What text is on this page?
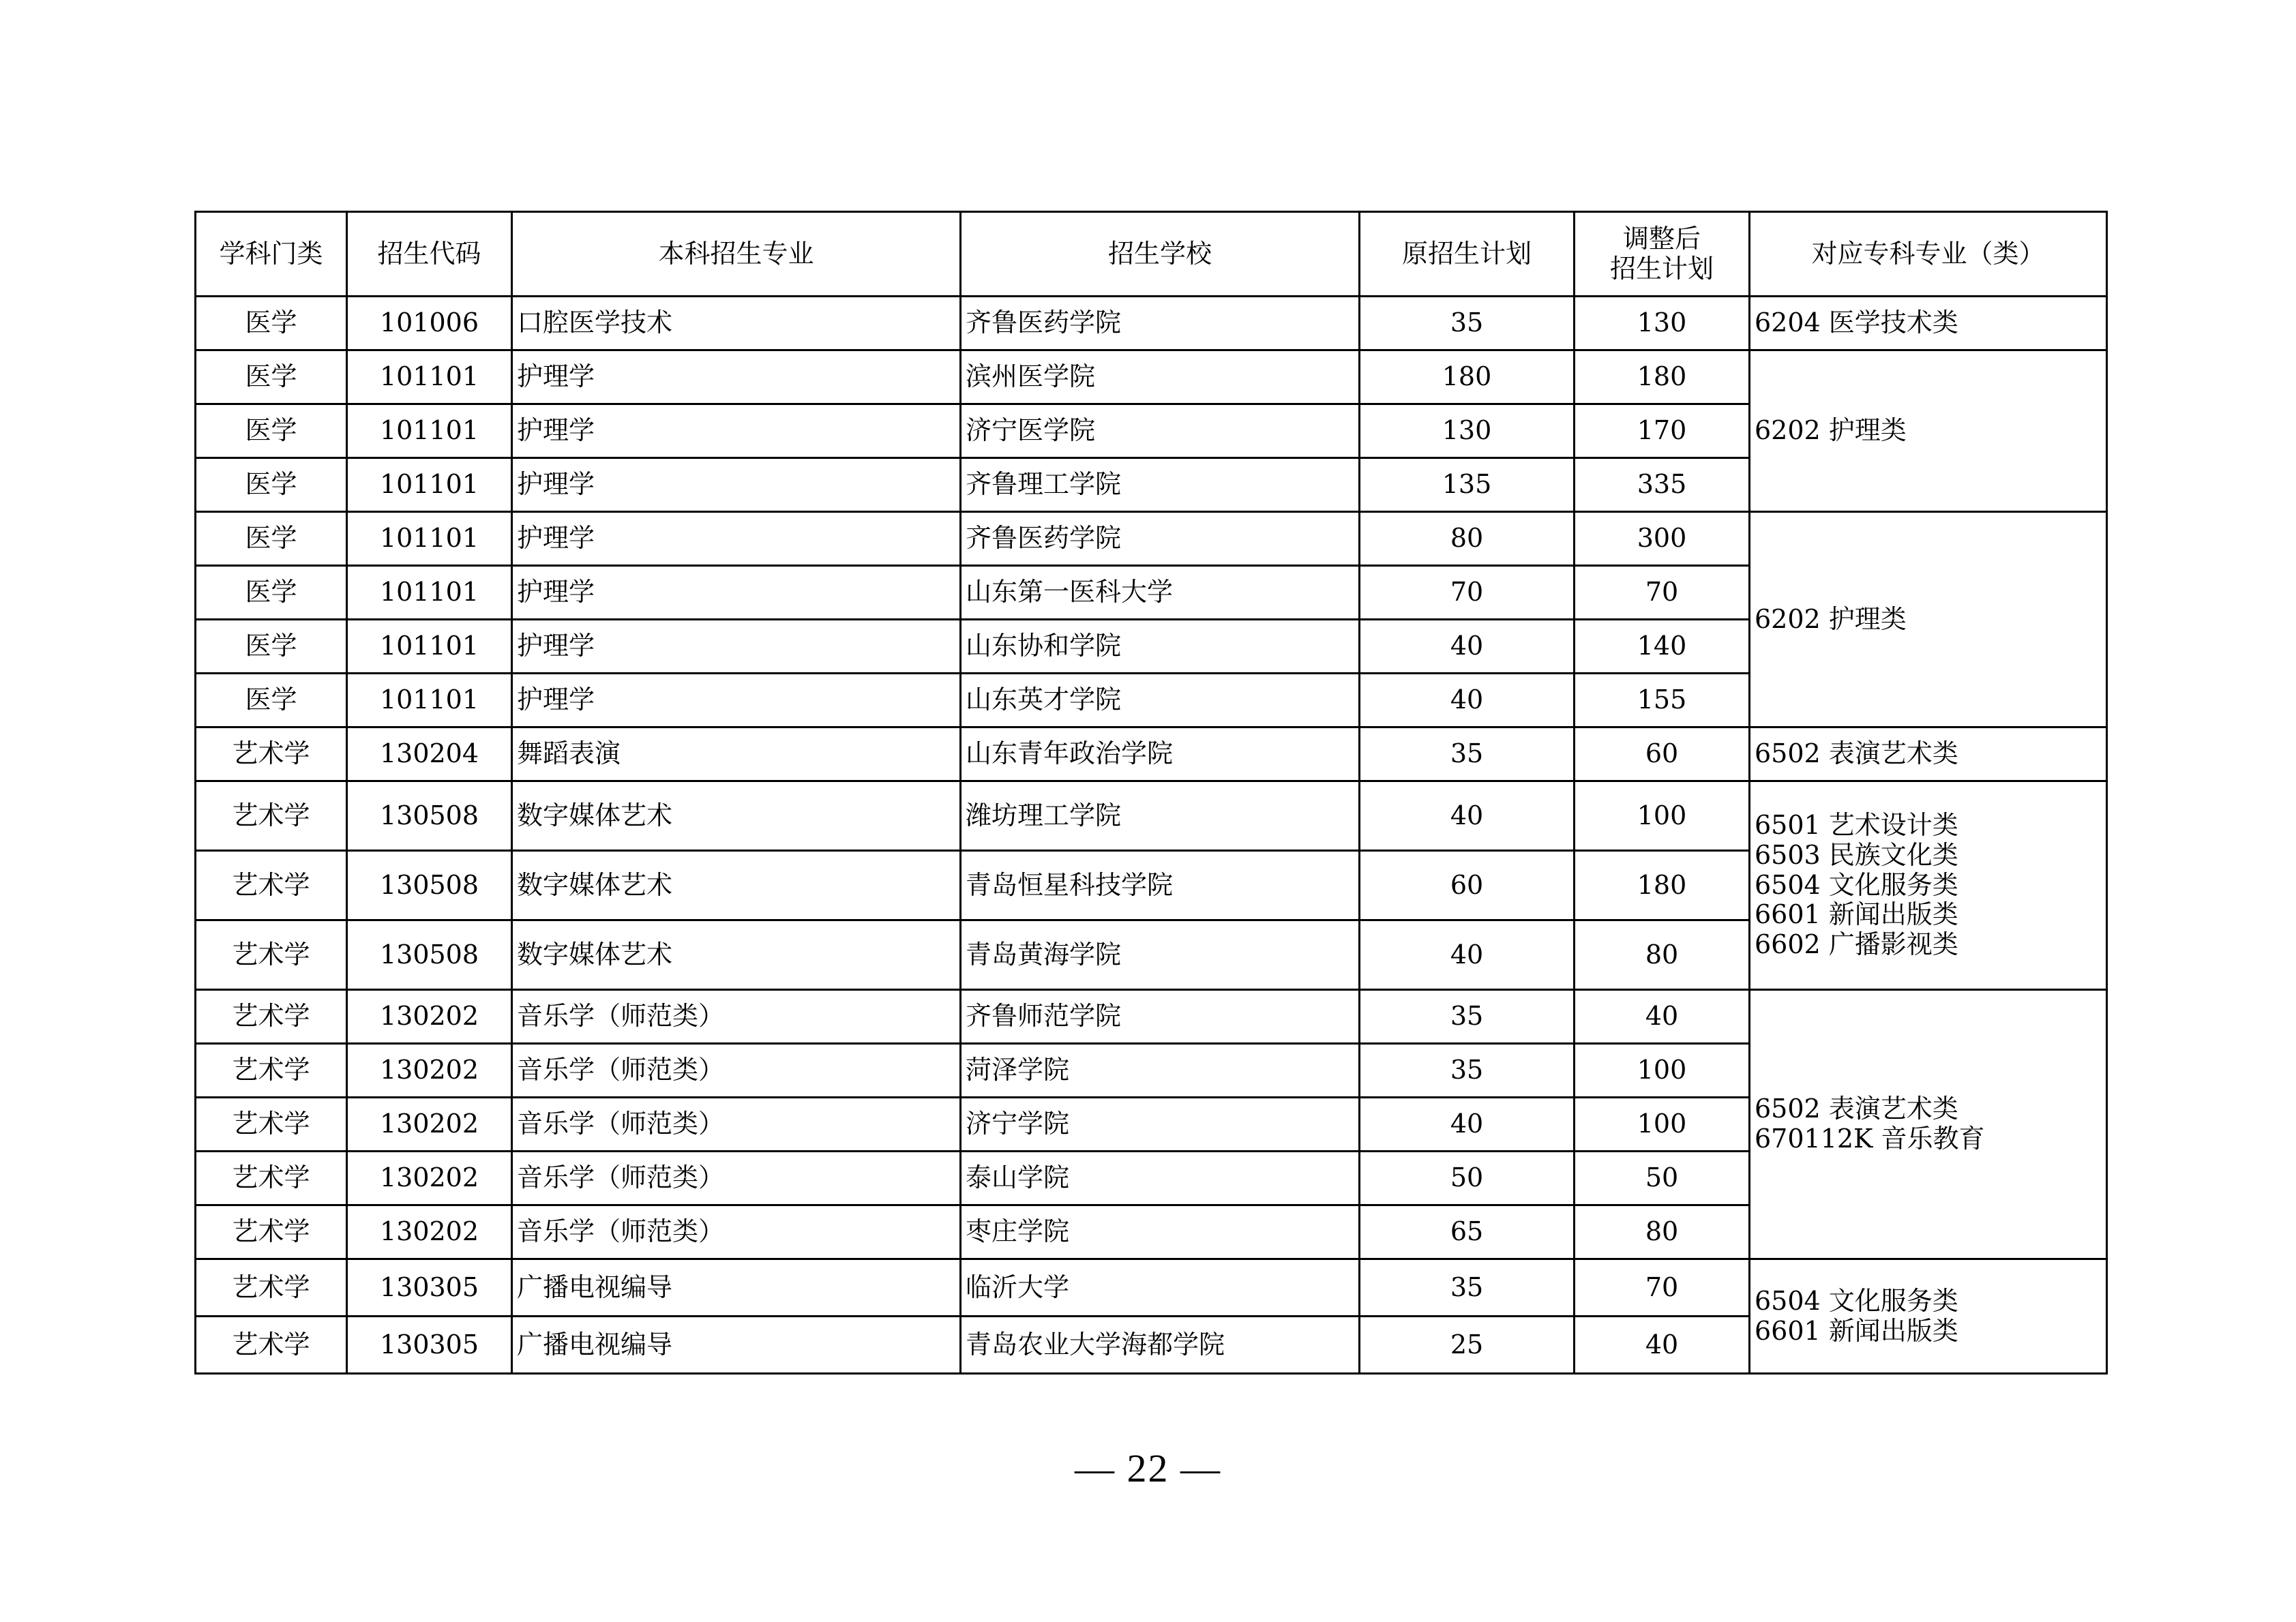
学科门类	招生代码	本科招生专业	招生学校	原招生计划	调整后
招生计划	对应专科专业（类）
医学	101006	口腔医学技术	齐鲁医药学院	35	130	6204 医学技术类

医学	101101	护理学	滨州医学院	180	180	6202 护理类

医学	101101	护理学	济宁医学院	130	170	
医学	101101	护理学	齐鲁理工学院	135	335	
医学	101101	护理学	齐鲁医药学院	80	300	6202 护理类

医学	101101	护理学	山东第一医科大学	70	70	
医学	101101	护理学	山东协和学院	40	140	
医学	101101	护理学	山东英才学院	40	155	
艺术学	130204	舞蹈表演	山东青年政治学院	35	60	6502 表演艺术类

艺术学	130508	数字媒体艺术	潍坊理工学院	40	100	6501 艺术设计类
6503 民族文化类
6504 文化服务类
6601 新闻出版类
6602 广播影视类

艺术学	130508	数字媒体艺术	青岛恒星科技学院	60	180	
艺术学	130508	数字媒体艺术	青岛黄海学院	40	80	
艺术学	130202	音乐学（师范类）	齐鲁师范学院	35	40	6502 表演艺术类
670112K 音乐教育

艺术学	130202	音乐学（师范类）	菏泽学院	35	100	
艺术学	130202	音乐学（师范类）	济宁学院	40	100	
艺术学	130202	音乐学（师范类）	泰山学院	50	50	
艺术学	130202	音乐学（师范类）	枣庄学院	65	80	
艺术学	130305	广播电视编导	临沂大学	35	70	6504 文化服务类
6601 新闻出版类

艺术学	130305	广播电视编导	青岛农业大学海都学院	25	40	
— 22 —
